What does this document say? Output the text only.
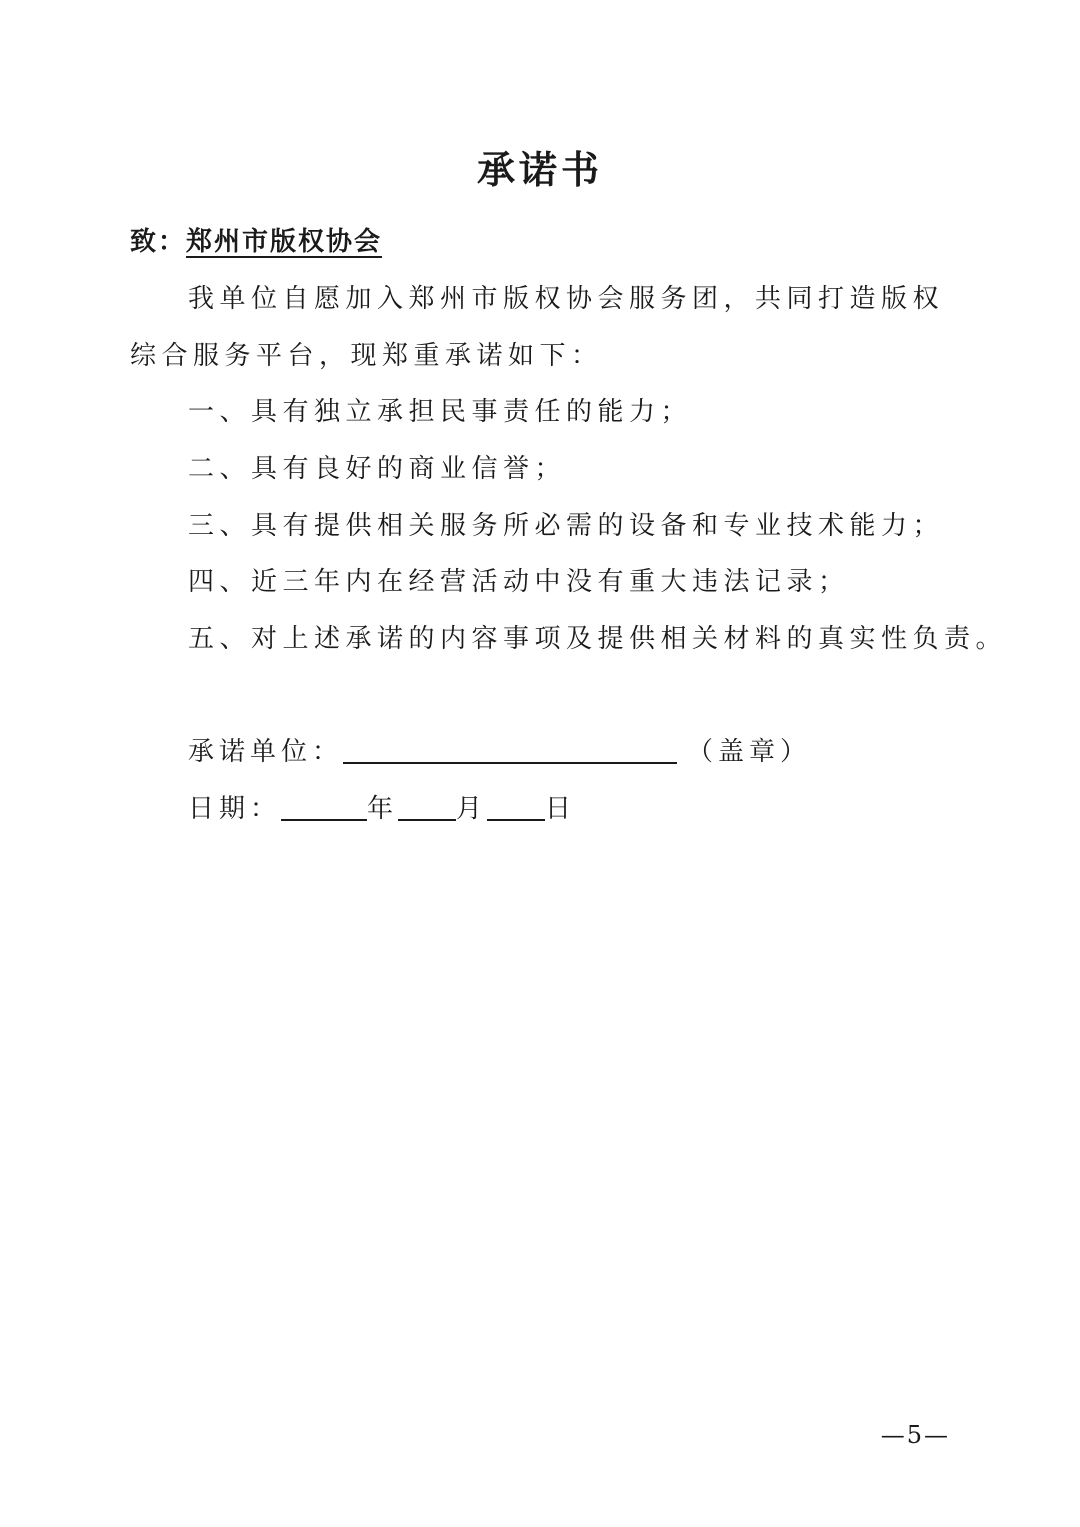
承诺书
致：郑州市版权协会
我单位自愿加入郑州市版权协会服务团，共同打造版权综合服务平台，现郑重承诺如下：
一、具有独立承担民事责任的能力；
二、具有良好的商业信誉；
三、具有提供相关服务所必需的设备和专业技术能力；
四、近三年内在经营活动中没有重大违法记录；
五、对上述承诺的内容事项及提供相关材料的真实性负责。
承诺单位：	（盖章）
日期：	年 月 日
—5—
